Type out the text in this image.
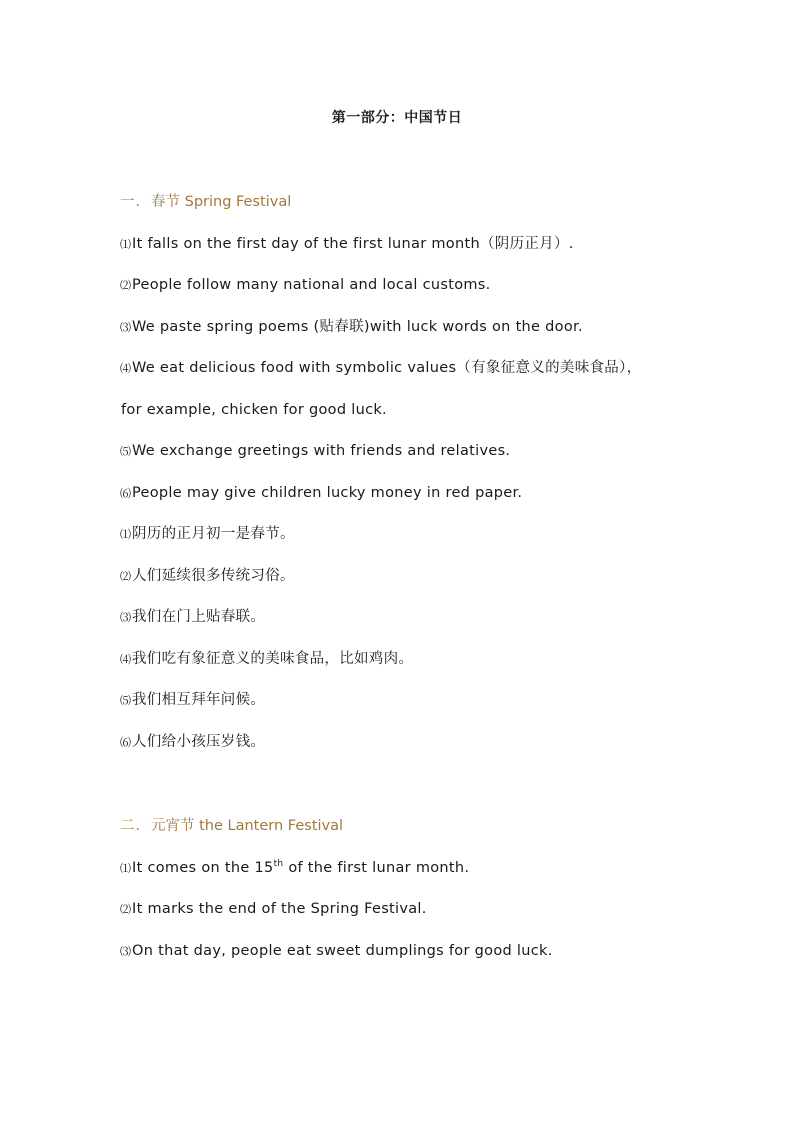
第一部分：中国节日
一．春节 Spring Festival
⑴It falls on the first day of the first lunar month（阴历正月）.
⑵People follow many national and local customs.
⑶We paste spring poems (贴春联)with luck words on the door.
⑷We eat delicious food with symbolic values（有象征意义的美味食品），
for example, chicken for good luck.
⑸We exchange greetings with friends and relatives.
⑹People may give children lucky money in red paper.
⑴阴历的正月初一是春节。
⑵人们延续很多传统习俗。
⑶我们在门上贴春联。
⑷我们吃有象征意义的美味食品，比如鸡肉。
⑸我们相互拜年问候。
⑹人们给小孩压岁钱。
二．元宵节 the Lantern Festival
⑴It comes on the 15th of the first lunar month.
⑵It marks the end of the Spring Festival.
⑶On that day, people eat sweet dumplings for good luck.
